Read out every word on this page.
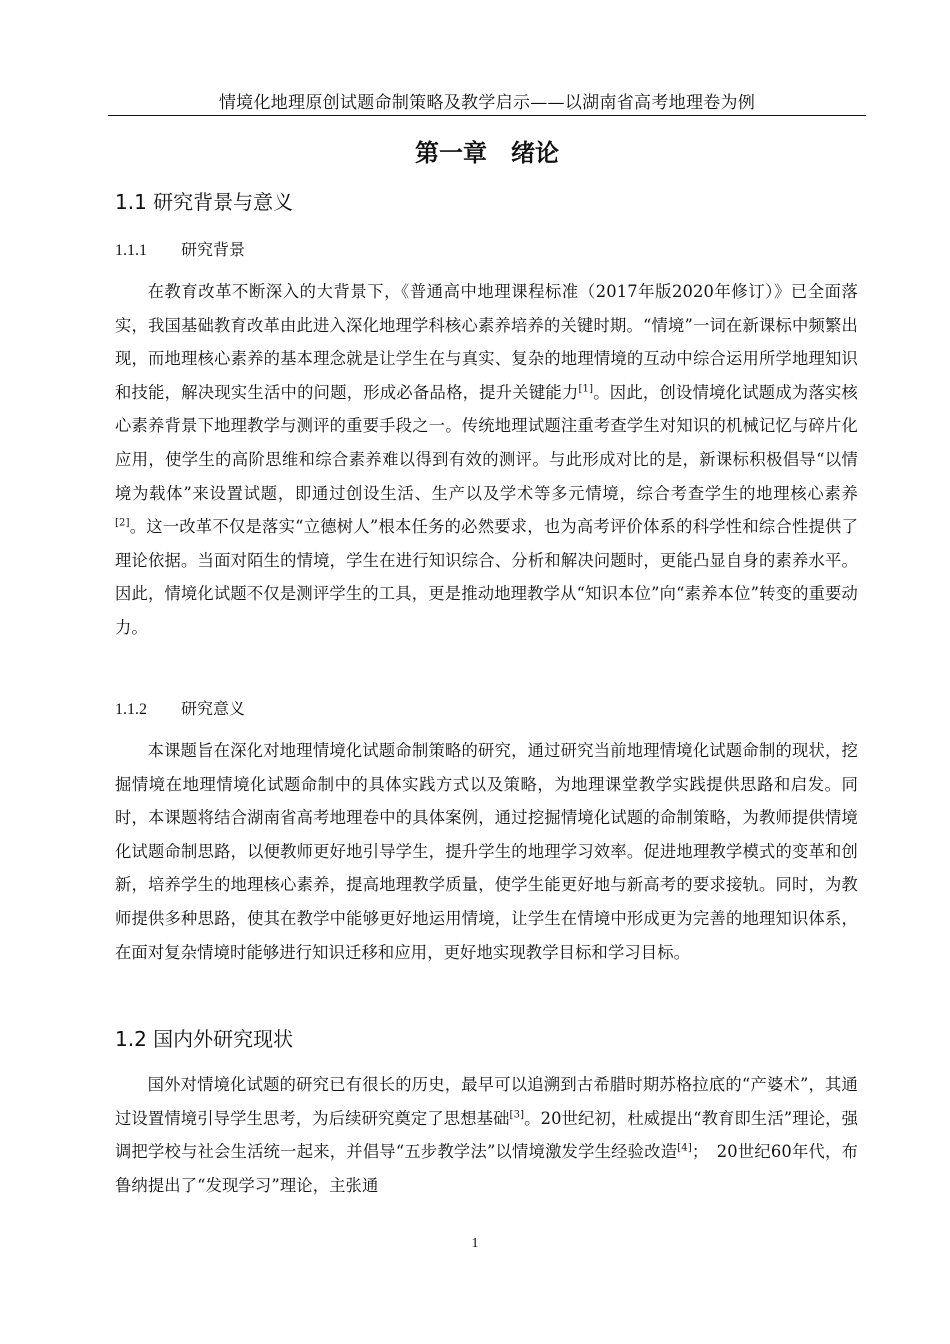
情境化地理原创试题命制策略及教学启示——以湖南省高考地理卷为例
第一章　绪论
1.1 研究背景与意义
1.1.1 研究背景
在教育改革不断深入的大背景下，《普通高中地理课程标准（2017年版2020年修订）》已全面落实，我国基础教育改革由此进入深化地理学科核心素养培养的关键时期。“情境”一词在新课标中频繁出现，而地理核心素养的基本理念就是让学生在与真实、复杂的地理情境的互动中综合运用所学地理知识和技能，解决现实生活中的问题，形成必备品格，提升关键能力[1]。因此，创设情境化试题成为落实核心素养背景下地理教学与测评的重要手段之一。传统地理试题注重考查学生对知识的机械记忆与碎片化应用，使学生的高阶思维和综合素养难以得到有效的测评。与此形成对比的是，新课标积极倡导“以情境为载体”来设置试题，即通过创设生活、生产以及学术等多元情境，综合考查学生的地理核心素养[2]。这一改革不仅是落实“立德树人”根本任务的必然要求，也为高考评价体系的科学性和综合性提供了理论依据。当面对陌生的情境，学生在进行知识综合、分析和解决问题时，更能凸显自身的素养水平。因此，情境化试题不仅是测评学生的工具，更是推动地理教学从“知识本位”向“素养本位”转变的重要动力。
1.1.2 研究意义
本课题旨在深化对地理情境化试题命制策略的研究，通过研究当前地理情境化试题命制的现状，挖掘情境在地理情境化试题命制中的具体实践方式以及策略，为地理课堂教学实践提供思路和启发。同时，本课题将结合湖南省高考地理卷中的具体案例，通过挖掘情境化试题的命制策略，为教师提供情境化试题命制思路，以便教师更好地引导学生，提升学生的地理学习效率。促进地理教学模式的变革和创新，培养学生的地理核心素养，提高地理教学质量，使学生能更好地与新高考的要求接轨。同时，为教师提供多种思路，使其在教学中能够更好地运用情境，让学生在情境中形成更为完善的地理知识体系，在面对复杂情境时能够进行知识迁移和应用，更好地实现教学目标和学习目标。
1.2 国内外研究现状
国外对情境化试题的研究已有很长的历史，最早可以追溯到古希腊时期苏格拉底的“产婆术”，其通过设置情境引导学生思考，为后续研究奠定了思想基础[3]。20世纪初，杜威提出“教育即生活”理论，强调把学校与社会生活统一起来，并倡导“五步教学法”以情境激发学生经验改造[4]；　20世纪60年代，布鲁纳提出了“发现学习”理论，主张通
1
